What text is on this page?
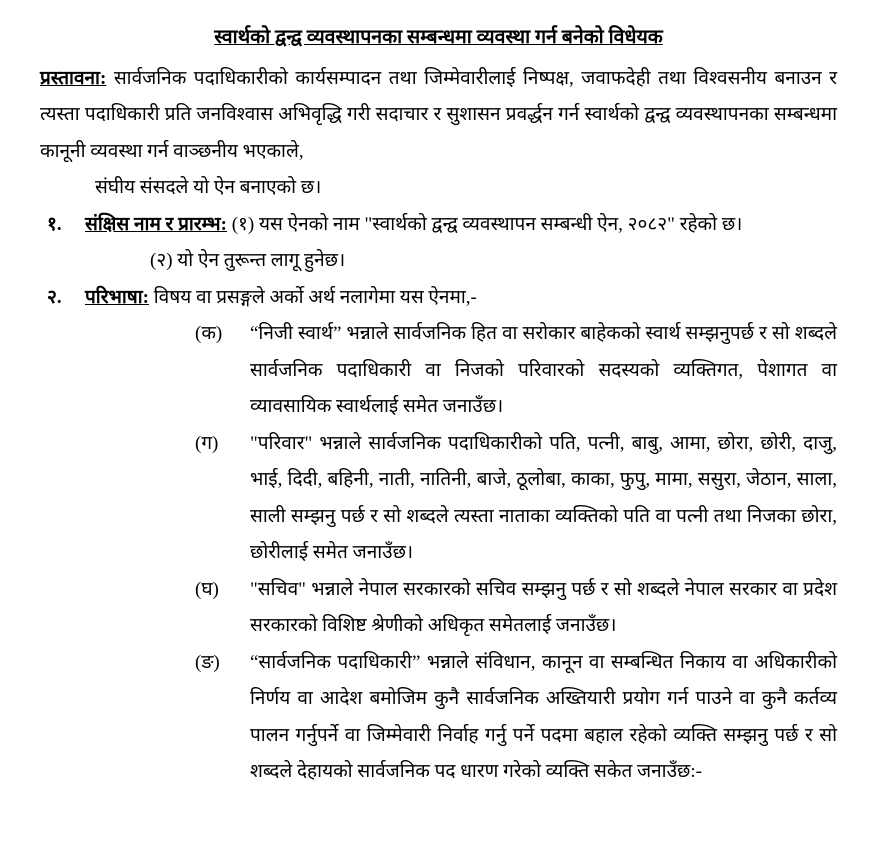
स्वार्थको द्वन्द्व व्यवस्थापनका सम्बन्धमा व्यवस्था गर्न बनेको विधेयक

प्रस्तावना: सार्वजनिक पदाधिकारीको कार्यसम्पादन तथा जिम्मेवारीलाई निष्पक्ष, जवाफदेही तथा विश्वसनीय बनाउन र त्यस्ता पदाधिकारी प्रति जनविश्वास अभिवृद्धि गरी सदाचार र सुशासन प्रवर्द्धन गर्न स्वार्थको द्वन्द्व व्यवस्थापनका सम्बन्धमा कानूनी व्यवस्था गर्न वाञ्छनीय भएकाले,

संघीय संसदले यो ऐन बनाएको छ।

१.	संक्षिस नाम र प्रारम्भ: (१) यस ऐनको नाम "स्वार्थको द्वन्द्व व्यवस्थापन सम्बन्धी ऐन, २०८२" रहेको छ।

(२) यो ऐन तुरून्त लागू हुनेछ।

२.	परिभाषा: विषय वा प्रसङ्गले अर्को अर्थ नलागेमा यस ऐनमा,-

(क)	“निजी स्वार्थ” भन्नाले सार्वजनिक हित वा सरोकार बाहेकको स्वार्थ सम्झनुपर्छ र सो शब्दले सार्वजनिक पदाधिकारी वा निजको परिवारको सदस्यको व्यक्तिगत, पेशागत वा व्यावसायिक स्वार्थलाई समेत जनाउँछ।

(ग)	"परिवार" भन्नाले सार्वजनिक पदाधिकारीको पति, पत्नी, बाबु, आमा, छोरा, छोरी, दाजु, भाई, दिदी, बहिनी, नाती, नातिनी, बाजे, ठूलोबा, काका, फुपु, मामा, ससुरा, जेठान, साला, साली सम्झनु पर्छ र सो शब्दले त्यस्ता नाताका व्यक्तिको पति वा पत्नी तथा निजका छोरा, छोरीलाई समेत जनाउँछ।

(घ)	"सचिव" भन्नाले नेपाल सरकारको सचिव सम्झनु पर्छ र सो शब्दले नेपाल सरकार वा प्रदेश सरकारको विशिष्ट श्रेणीको अधिकृत समेतलाई जनाउँछ।

(ङ)	“सार्वजनिक पदाधिकारी” भन्नाले संविधान, कानून वा सम्बन्धित निकाय वा अधिकारीको निर्णय वा आदेश बमोजिम कुनै सार्वजनिक अख्तियारी प्रयोग गर्न पाउने वा कुनै कर्तव्य पालन गर्नुपर्ने वा जिम्मेवारी निर्वाह गर्नु पर्ने पदमा बहाल रहेको व्यक्ति सम्झनु पर्छ र सो शब्दले देहायको सार्वजनिक पद धारण गरेको व्यक्ति सकेत जनाउँछ:-
